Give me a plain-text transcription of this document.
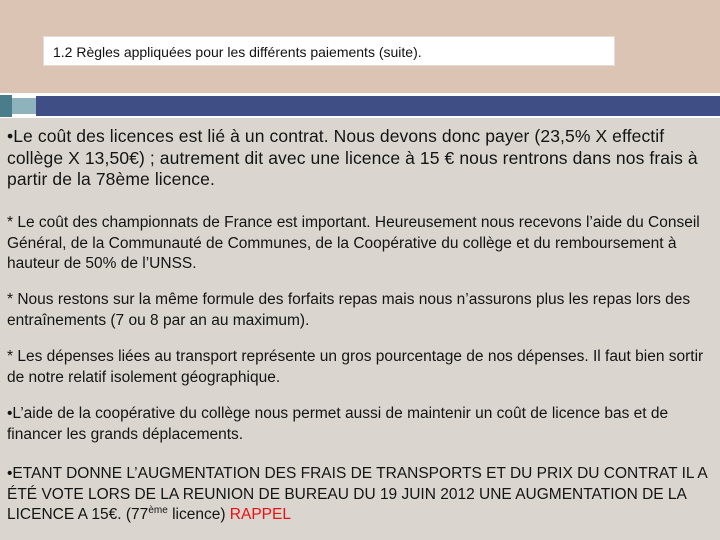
1.2 Règles appliquées pour les différents paiements (suite).

•Le coût des licences est lié à un contrat. Nous devons donc payer (23,5% X effectif collège X 13,50€) ; autrement dit avec une licence à 15 € nous rentrons dans nos frais à partir de la 78ème licence.

* Le coût des championnats de France est important. Heureusement nous recevons l’aide du Conseil Général, de la Communauté de Communes, de la Coopérative du collège et du remboursement à hauteur de 50% de l’UNSS.

* Nous restons sur la même formule des forfaits repas mais nous n’assurons plus les repas lors des entraînements (7 ou 8 par an au maximum).

* Les dépenses liées au transport représente un gros pourcentage de nos dépenses. Il faut bien sortir de notre relatif isolement géographique.

•L’aide de la coopérative du collège nous permet aussi de maintenir un coût de licence bas et de financer les grands déplacements.

•ETANT DONNE L’AUGMENTATION DES FRAIS DE TRANSPORTS ET DU PRIX DU CONTRAT IL A ÉTÉ VOTE LORS DE LA REUNION DE BUREAU DU 19 JUIN 2012 UNE AUGMENTATION DE LA LICENCE A 15€. (77ème licence) RAPPEL
